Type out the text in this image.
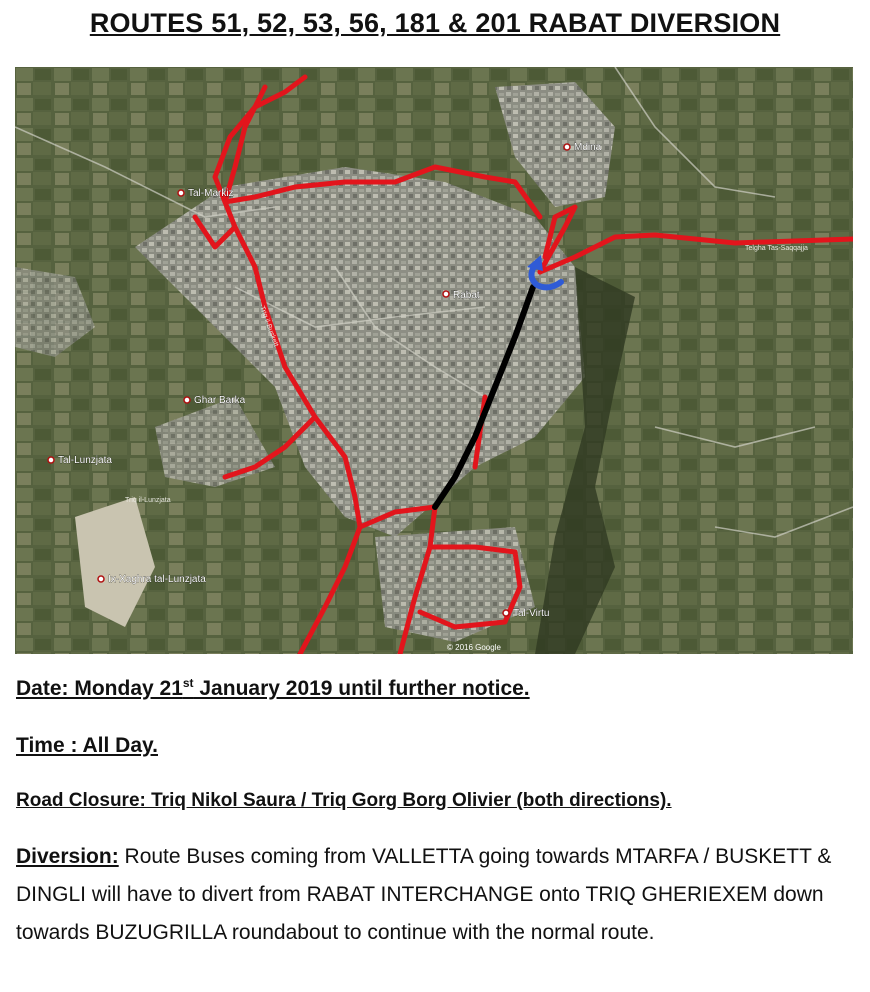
ROUTES 51, 52, 53, 56, 181 & 201 RABAT DIVERSION
Mdina
Tal-Markiz
Rabat
Ghar Barka
Tal-Lunzjata
Ix-Xaghra tal-Lunzjata
Tal-Virtu
Telgha Tas-Saqqajja
Triq il-Buskett
Triq il-Lunzjata
© 2016 Google
Date: Monday 21st January 2019 until further notice.
Time : All Day.
Road Closure: Triq Nikol Saura / Triq Gorg Borg Olivier (both directions).
Diversion: Route Buses coming from VALLETTA going towards MTARFA / BUSKETT & DINGLI will have to divert from RABAT INTERCHANGE onto TRIQ GHERIEXEM down towards BUZUGRILLA roundabout to continue with the normal route.
